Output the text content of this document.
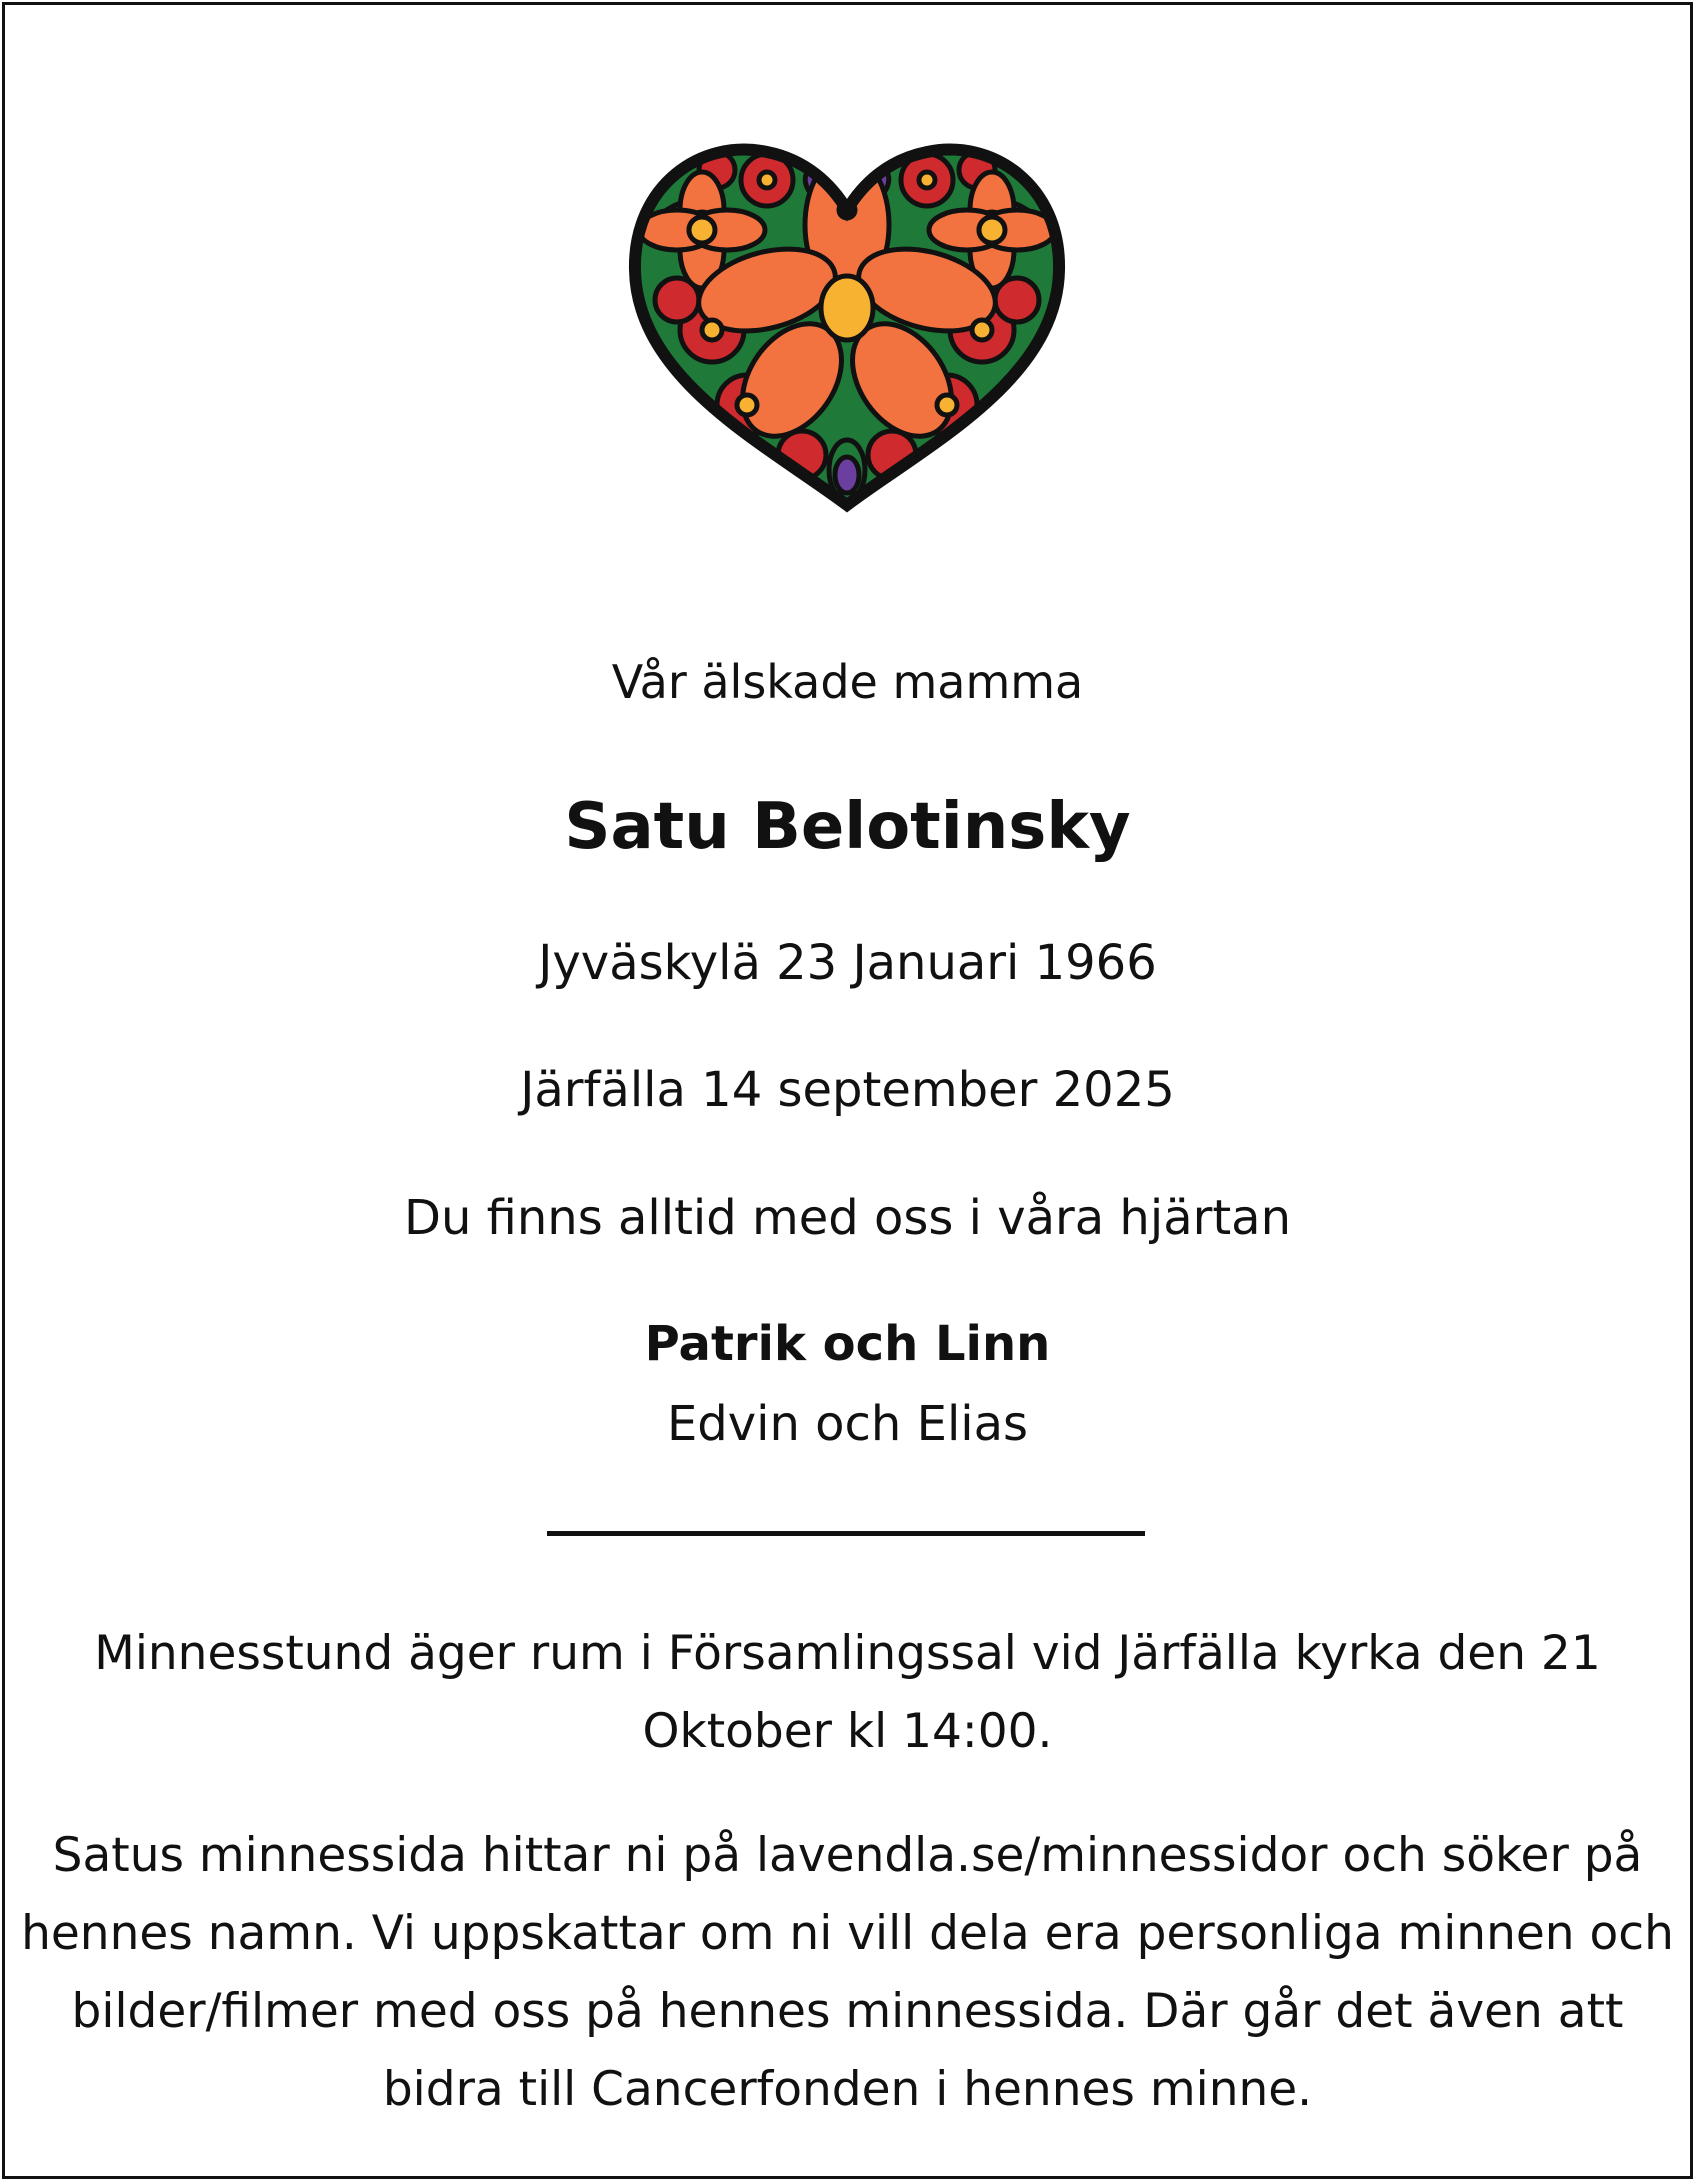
Vår älskade mamma
Satu Belotinsky
Jyväskylä 23 Januari 1966
Järfälla 14 september 2025
Du finns alltid med oss i våra hjärtan
Patrik och Linn
Edvin och Elias
Minnesstund äger rum i Församlingssal vid Järfälla kyrka den 21 Oktober kl 14:00.
Satus minnessida hittar ni på lavendla.se/minnessidor och söker på hennes namn. Vi uppskattar om ni vill dela era personliga minnen och bilder/filmer med oss på hennes minnessida. Där går det även att bidra till Cancerfonden i hennes minne.
